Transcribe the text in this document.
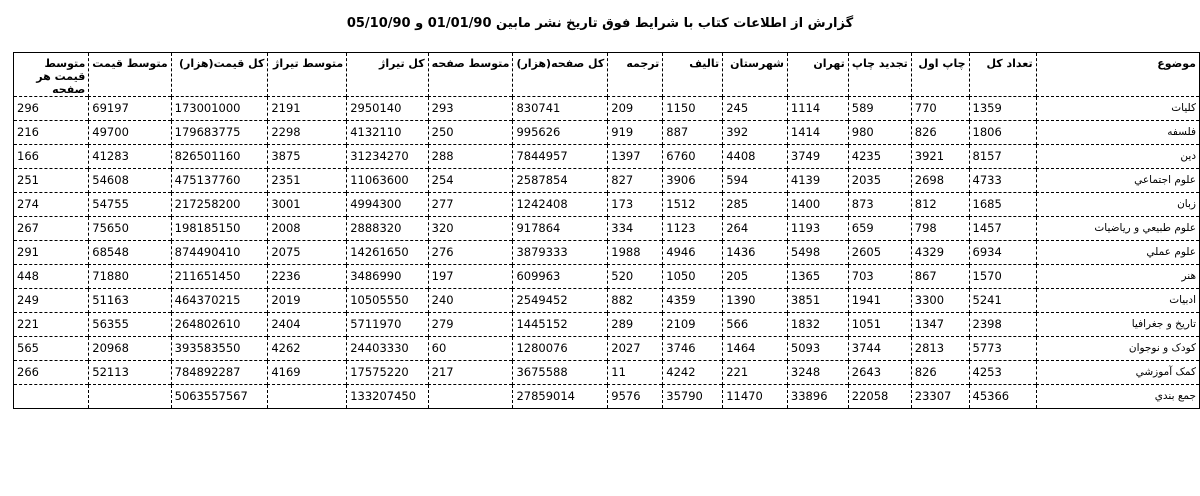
گزارش از اطلاعات کتاب با شرايط فوق تاريخ نشر مابين 01/01/90 و 05/10/90
موضوع	تعداد کل	چاپ اول	تجديد چاپ	تهران	شهرستان	تاليف	ترجمه	کل صفحه(هزار)	متوسط صفحه	کل تيراژ	متوسط تيراژ	کل قيمت(هزار)	متوسط قيمت	متوسط قيمت هر صفحه
کليات	1359	770	589	1114	245	1150	209	830741	293	2950140	2191	173001000	69197	296
فلسفه	1806	826	980	1414	392	887	919	995626	250	4132110	2298	179683775	49700	216
دين	8157	3921	4235	3749	4408	6760	1397	7844957	288	31234270	3875	826501160	41283	166
علوم اجتماعي	4733	2698	2035	4139	594	3906	827	2587854	254	11063600	2351	475137760	54608	251
زبان	1685	812	873	1400	285	1512	173	1242408	277	4994300	3001	217258200	54755	274
علوم طبيعي و رياضيات	1457	798	659	1193	264	1123	334	917864	320	2888320	2008	198185150	75650	267
علوم عملي	6934	4329	2605	5498	1436	4946	1988	3879333	276	14261650	2075	874490410	68548	291
هنر	1570	867	703	1365	205	1050	520	609963	197	3486990	2236	211651450	71880	448
ادبيات	5241	3300	1941	3851	1390	4359	882	2549452	240	10505550	2019	464370215	51163	249
تاريخ و جغرافيا	2398	1347	1051	1832	566	2109	289	1445152	279	5711970	2404	264802610	56355	221
کودک و نوجوان	5773	2813	3744	5093	1464	3746	2027	1280076	60	24403330	4262	393583550	20968	565
کمک آموزشي	4253	826	2643	3248	221	4242	11	3675588	217	17575220	4169	784892287	52113	266
جمع بندي	45366	23307	22058	33896	11470	35790	9576	27859014		133207450		5063557567		
